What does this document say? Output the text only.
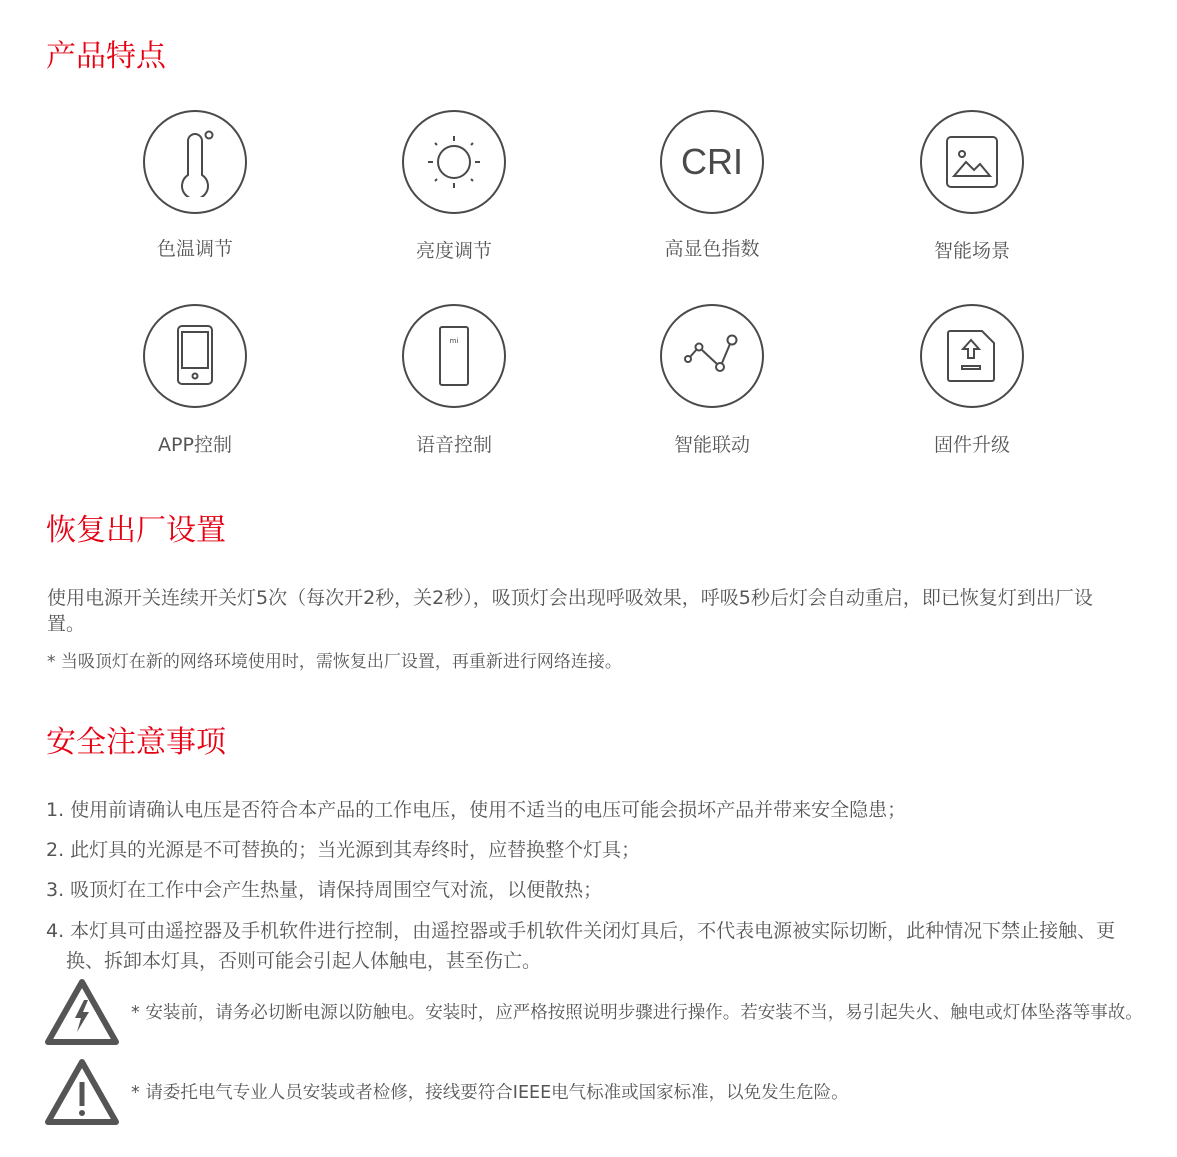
产品特点
色温调节	亮度调节
CRI
高显色指数	智能场景
APP控制
mi
语音控制	智能联动	固件升级
恢复出厂设置
使用电源开关连续开关灯5次（每次开2秒，关2秒），吸顶灯会出现呼吸效果，呼吸5秒后灯会自动重启，即已恢复灯到出厂设置。
* 当吸顶灯在新的网络环境使用时，需恢复出厂设置，再重新进行网络连接。
安全注意事项
1. 使用前请确认电压是否符合本产品的工作电压，使用不适当的电压可能会损坏产品并带来安全隐患；
2. 此灯具的光源是不可替换的；当光源到其寿终时，应替换整个灯具；
3. 吸顶灯在工作中会产生热量，请保持周围空气对流，以便散热；
4. 本灯具可由遥控器及手机软件进行控制，由遥控器或手机软件关闭灯具后，不代表电源被实际切断，此种情况下禁止接触、更换、拆卸本灯具，否则可能会引起人体触电，甚至伤亡。
* 安装前，请务必切断电源以防触电。安装时，应严格按照说明步骤进行操作。若安装不当，易引起失火、触电或灯体坠落等事故。
* 请委托电气专业人员安装或者检修，接线要符合IEEE电气标准或国家标准，以免发生危险。
